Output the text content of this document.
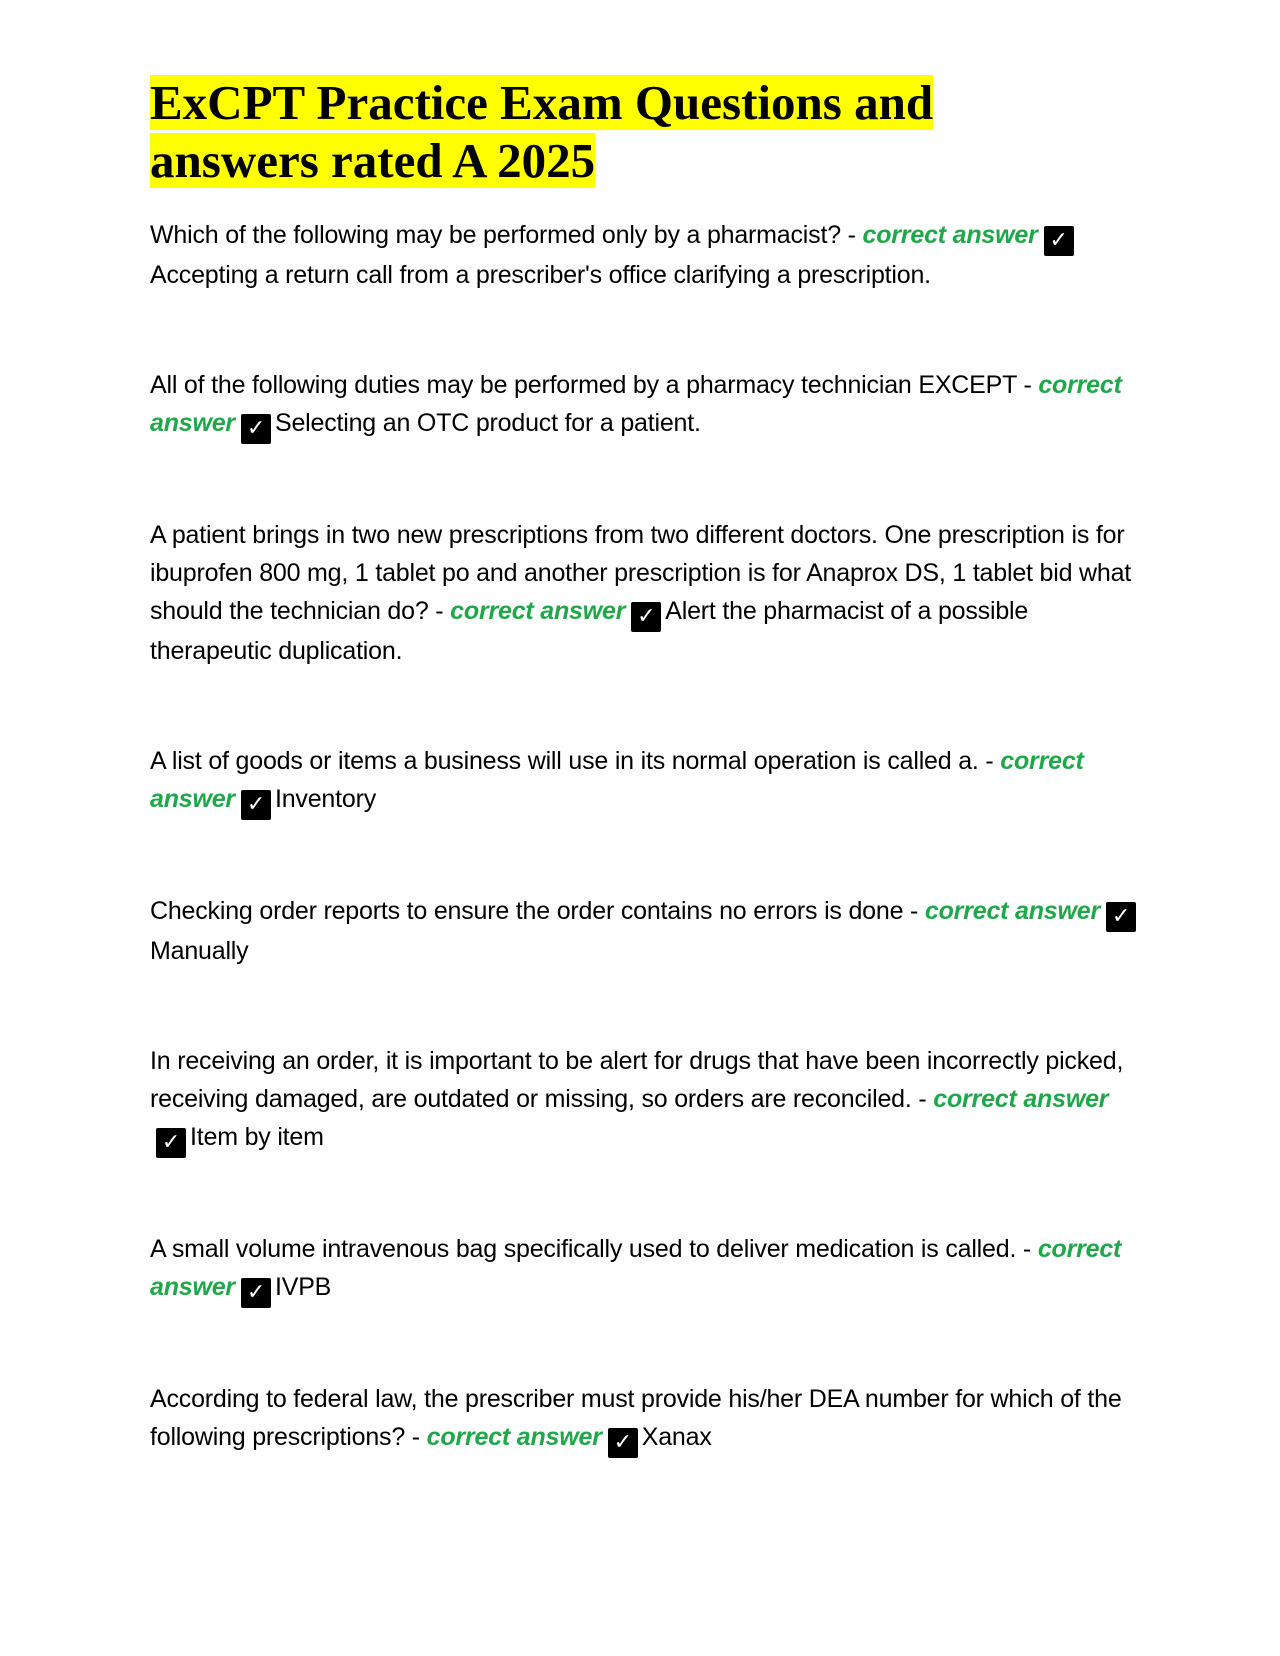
ExCPT Practice Exam Questions and
answers rated A 2025
Which of the following may be performed only by a pharmacist? - correct answer ✓Accepting a return call from a prescriber's office clarifying a prescription.
All of the following duties may be performed by a pharmacy technician EXCEPT - correct answer ✓ Selecting an OTC product for a patient.
A patient brings in two new prescriptions from two different doctors. One prescription is for ibuprofen 800 mg, 1 tablet po and another prescription is for Anaprox DS, 1 tablet bid what should the technician do? - correct answer ✓ Alert the pharmacist of a possible therapeutic duplication.
A list of goods or items a business will use in its normal operation is called a. - correct answer ✓ Inventory
Checking order reports to ensure the order contains no errors is done - correct answer ✓Manually
In receiving an order, it is important to be alert for drugs that have been incorrectly picked, receiving damaged, are outdated or missing, so orders are reconciled. - correct answer✓ Item by item
A small volume intravenous bag specifically used to deliver medication is called. - correct answer ✓ IVPB
According to federal law, the prescriber must provide his/her DEA number for which of the following prescriptions? - correct answer ✓ Xanax
